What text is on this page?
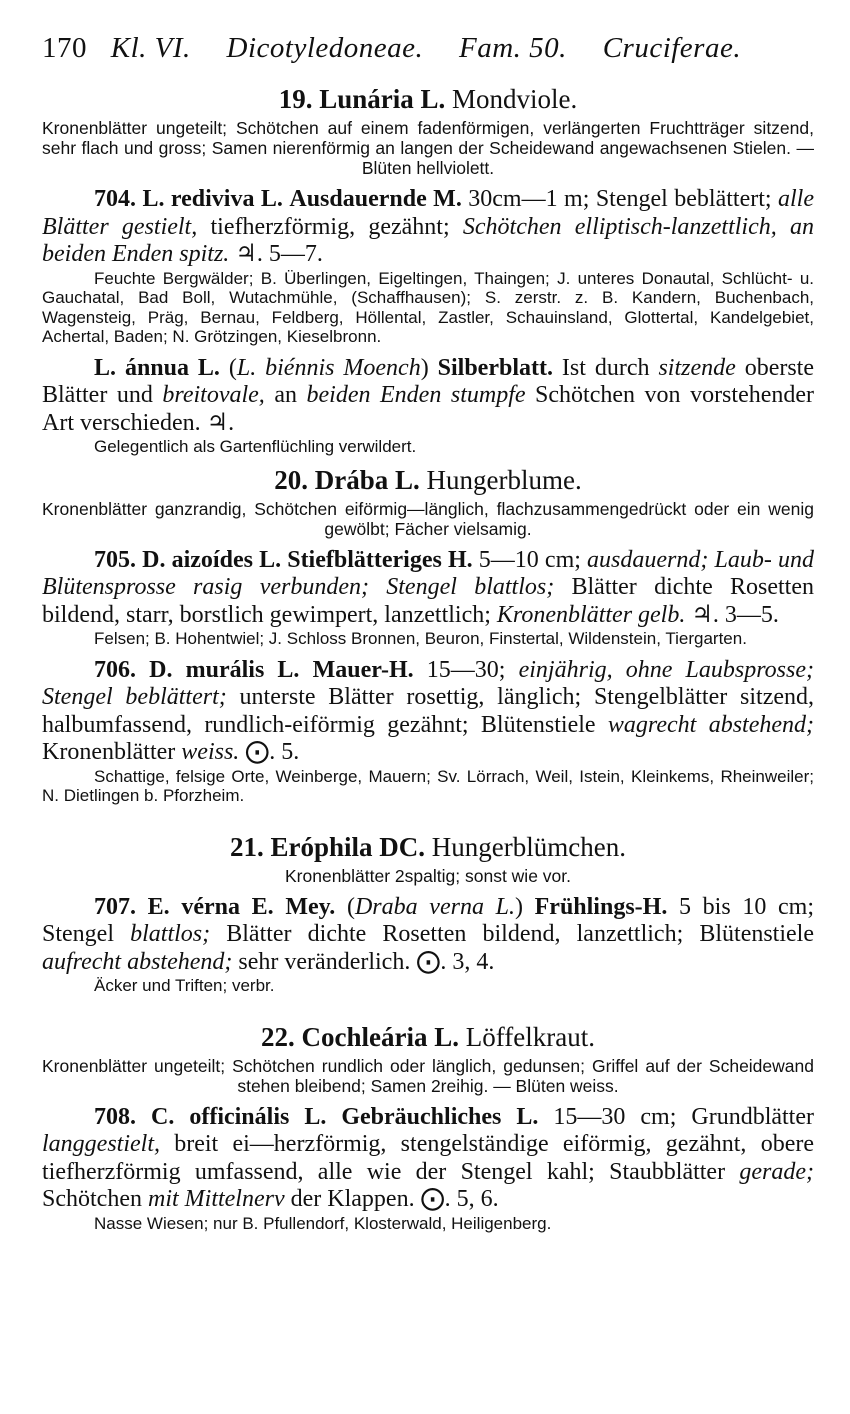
170 Kl. VI. Dicotyledoneae. Fam. 50. Cruciferae.
19. Lunária L. Mondviole.
Kronenblätter ungeteilt; Schötchen auf einem fadenförmigen, verlängerten Fruchtträger sitzend, sehr flach und gross; Samen nierenförmig an langen der Scheidewand angewachsenen Stielen. — Blüten hellviolett.
704. L. rediviva L. Ausdauernde M. 30cm—1 m; Stengel beblättert; alle Blätter gestielt, tiefherzförmig, gezähnt; Schötchen elliptisch-lanzettlich, an beiden Enden spitz. ♃. 5—7.
Feuchte Bergwälder; B. Überlingen, Eigeltingen, Thaingen; J. unteres Donautal, Schlücht- u. Gauchatal, Bad Boll, Wutachmühle, (Schaffhausen); S. zerstr. z. B. Kandern, Buchenbach, Wagensteig, Präg, Bernau, Feldberg, Höllental, Zastler, Schauinsland, Glottertal, Kandelgebiet, Achertal, Baden; N. Grötzingen, Kieselbronn.
L. ánnua L. (L. biénnis Moench) Silberblatt. Ist durch sitzende oberste Blätter und breitovale, an beiden Enden stumpfe Schötchen von vorstehender Art verschieden. ♃.
Gelegentlich als Gartenflüchling verwildert.
20. Drába L. Hungerblume.
Kronenblätter ganzrandig, Schötchen eiförmig—länglich, flachzusammengedrückt oder ein wenig gewölbt; Fächer vielsamig.
705. D. aizoídes L. Stiefblätteriges H. 5—10 cm; ausdauernd; Laub- und Blütensprosse rasig verbunden; Stengel blattlos; Blätter dichte Rosetten bildend, starr, borstlich gewimpert, lanzettlich; Kronenblätter gelb. ♃. 3—5.
Felsen; B. Hohentwiel; J. Schloss Bronnen, Beuron, Finstertal, Wildenstein, Tiergarten.
706. D. murális L. Mauer-H. 15—30; einjährig, ohne Laubsprosse; Stengel beblättert; unterste Blätter rosettig, länglich; Stengelblätter sitzend, halbumfassend, rundlich-eiförmig gezähnt; Blütenstiele wagrecht abstehend; Kronenblätter weiss. ⨀. 5.
Schattige, felsige Orte, Weinberge, Mauern; Sv. Lörrach, Weil, Istein, Kleinkems, Rheinweiler; N. Dietlingen b. Pforzheim.
21. Eróphila DC. Hungerblümchen.
Kronenblätter 2spaltig; sonst wie vor.
707. E. vérna E. Mey. (Draba verna L.) Frühlings-H. 5 bis 10 cm; Stengel blattlos; Blätter dichte Rosetten bildend, lanzettlich; Blütenstiele aufrecht abstehend; sehr veränderlich. ⨀. 3, 4.
Äcker und Triften; verbr.
22. Cochleária L. Löffelkraut.
Kronenblätter ungeteilt; Schötchen rundlich oder länglich, gedunsen; Griffel auf der Scheidewand stehen bleibend; Samen 2reihig. — Blüten weiss.
708. C. officinális L. Gebräuchliches L. 15—30 cm; Grundblätter langgestielt, breit ei—herzförmig, stengelständige eiförmig, gezähnt, obere tiefherzförmig umfassend, alle wie der Stengel kahl; Staubblätter gerade; Schötchen mit Mittelnerv der Klappen. ⨀. 5, 6.
Nasse Wiesen; nur B. Pfullendorf, Klosterwald, Heiligenberg.
